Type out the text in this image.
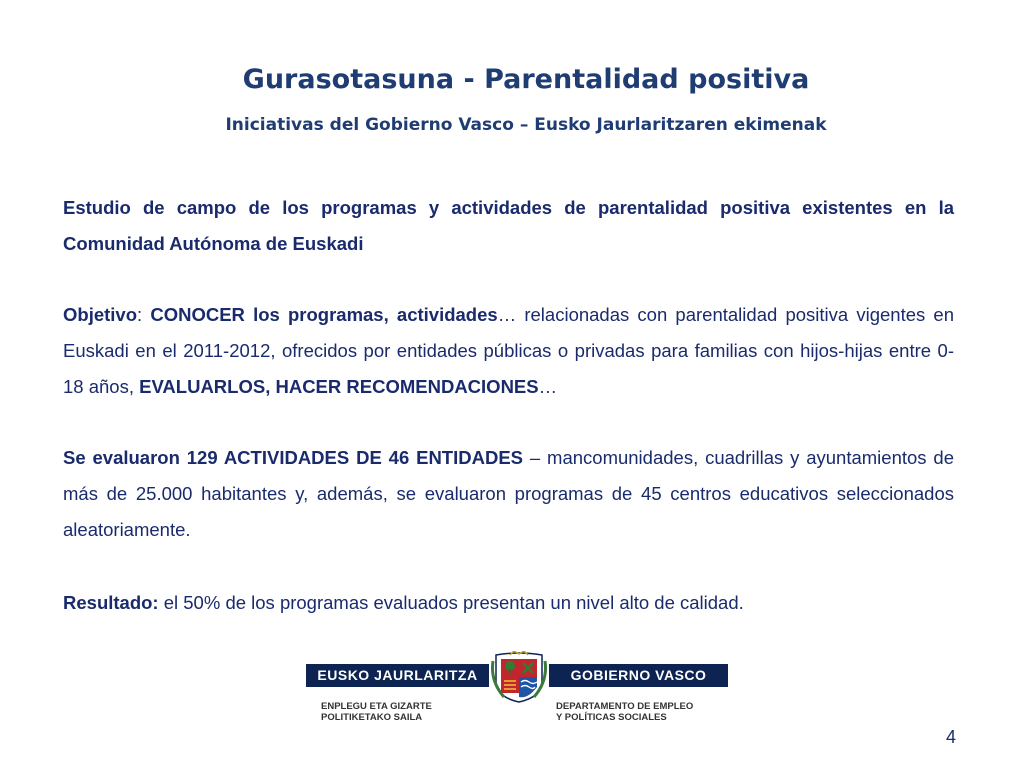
Gurasotasuna - Parentalidad positiva
Iniciativas del Gobierno Vasco – Eusko Jaurlaritzaren ekimenak

Estudio de campo de los programas y actividades de parentalidad positiva existentes en la Comunidad Autónoma de Euskadi

Objetivo: CONOCER los programas, actividades… relacionadas con parentalidad positiva vigentes en Euskadi en el 2011-2012, ofrecidos por entidades públicas o privadas para familias con hijos-hijas entre 0-18 años, EVALUARLOS, HACER RECOMENDACIONES…

Se evaluaron 129 ACTIVIDADES DE 46 ENTIDADES – mancomunidades, cuadrillas y ayuntamientos de más de 25.000 habitantes y, además, se evaluaron programas de 45 centros educativos seleccionados aleatoriamente.

Resultado: el 50% de los programas evaluados presentan un nivel alto de calidad.

EUSKO JAURLARITZA	GOBIERNO VASCO
ENPLEGU ETA GIZARTE
POLITIKETAKO SAILA
DEPARTAMENTO DE EMPLEO
Y POLÍTICAS SOCIALES
4
